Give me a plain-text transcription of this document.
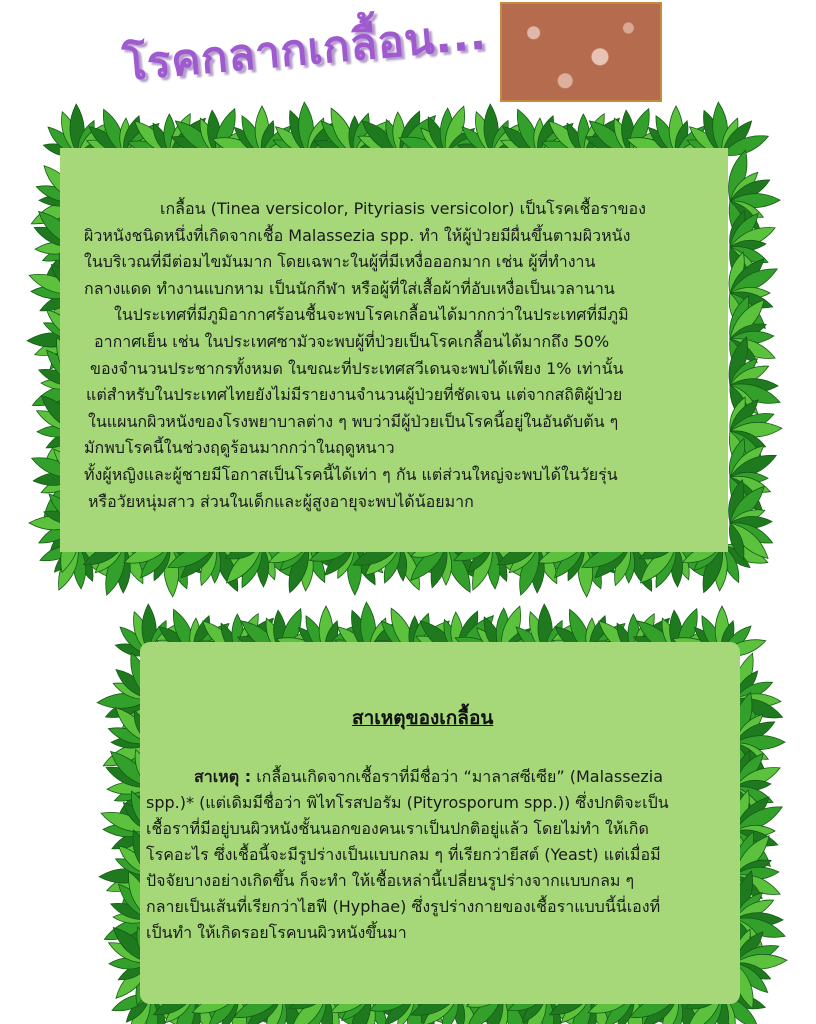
โรคกลากเกลื้อน...
เกลื้อน (Tinea versicolor, Pityriasis versicolor) เป็นโรคเชื้อราของ
ผิวหนังชนิดหนึ่งที่เกิดจากเชื้อ Malassezia spp. ทำ ให้ผู้ป่วยมีผื่นขึ้นตามผิวหนัง
ในบริเวณที่มีต่อมไขมันมาก โดยเฉพาะในผู้ที่มีเหงื่อออกมาก เช่น ผู้ที่ทำงาน
กลางแดด ทำงานแบกหาม เป็นนักกีฬา หรือผู้ที่ใส่เสื้อผ้าที่อับเหงื่อเป็นเวลานาน
ในประเทศที่มีภูมิอากาศร้อนชื้นจะพบโรคเกลื้อนได้มากกว่าในประเทศที่มีภูมิ
อากาศเย็น เช่น ในประเทศซามัวจะพบผู้ที่ป่วยเป็นโรคเกลื้อนได้มากถึง 50%
ของจำนวนประชากรทั้งหมด ในขณะที่ประเทศสวีเดนจะพบได้เพียง 1% เท่านั้น
แต่สำหรับในประเทศไทยยังไม่มีรายงานจำนวนผู้ป่วยที่ชัดเจน แต่จากสถิติผู้ป่วย
ในแผนกผิวหนังของโรงพยาบาลต่าง ๆ พบว่ามีผู้ป่วยเป็นโรคนี้อยู่ในอันดับต้น ๆ
มักพบโรคนี้ในช่วงฤดูร้อนมากกว่าในฤดูหนาว
ทั้งผู้หญิงและผู้ชายมีโอกาสเป็นโรคนี้ได้เท่า ๆ กัน แต่ส่วนใหญ่จะพบได้ในวัยรุ่น
หรือวัยหนุ่มสาว ส่วนในเด็กและผู้สูงอายุจะพบได้น้อยมาก
สาเหตุของเกลื้อน
สาเหตุ : เกลื้อนเกิดจากเชื้อราที่มีชื่อว่า “มาลาสซีเซีย” (Malassezia
spp.)* (แต่เดิมมีชื่อว่า พิไทโรสปอรัม (Pityrosporum spp.)) ซึ่งปกติจะเป็น
เชื้อราที่มีอยู่บนผิวหนังชั้นนอกของคนเราเป็นปกติอยู่แล้ว โดยไม่ทำ ให้เกิด
โรคอะไร ซึ่งเชื้อนี้จะมีรูปร่างเป็นแบบกลม ๆ ที่เรียกว่ายีสต์ (Yeast) แต่เมื่อมี
ปัจจัยบางอย่างเกิดขึ้น ก็จะทำ ให้เชื้อเหล่านี้เปลี่ยนรูปร่างจากแบบกลม ๆ
กลายเป็นเส้นที่เรียกว่าไฮฟี (Hyphae) ซึ่งรูปร่างกายของเชื้อราแบบนี้นี่เองที่
เป็นทำ ให้เกิดรอยโรคบนผิวหนังขึ้นมา
